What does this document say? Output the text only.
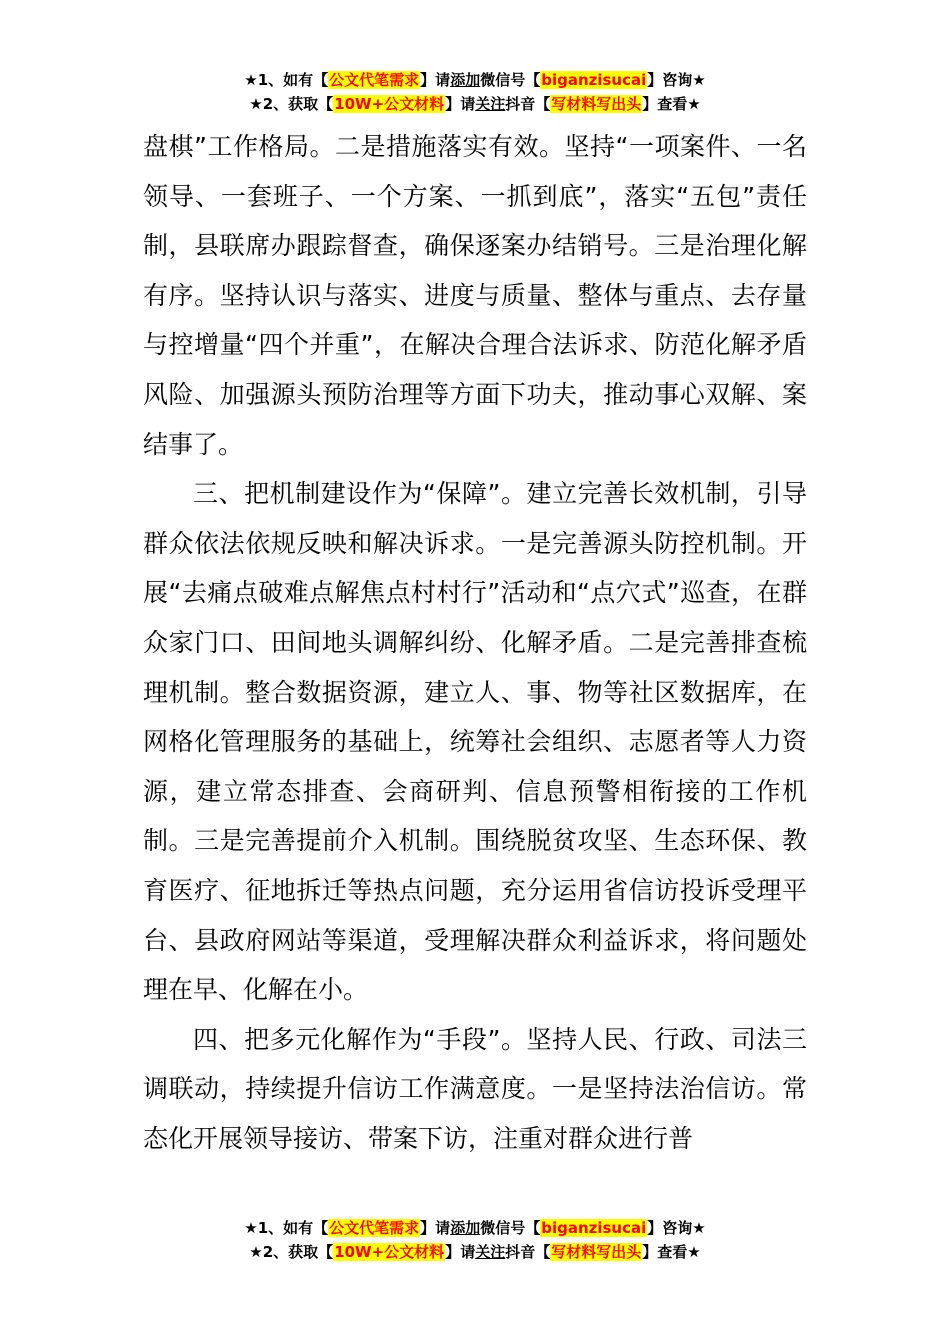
★1、如有【公文代笔需求】请添加微信号【biganzisucai】咨询★
★2、获取【10W+公文材料】请关注抖音【写材料写出头】查看★

盘棋”工作格局。二是措施落实有效。坚持“一项案件、一名领导、一套班子、一个方案、一抓到底”，落实“五包”责任制，县联席办跟踪督查，确保逐案办结销号。三是治理化解有序。坚持认识与落实、进度与质量、整体与重点、去存量与控增量“四个并重”，在解决合理合法诉求、防范化解矛盾风险、加强源头预防治理等方面下功夫，推动事心双解、案结事了。

三、把机制建设作为“保障”。建立完善长效机制，引导群众依法依规反映和解决诉求。一是完善源头防控机制。开展“去痛点破难点解焦点村村行”活动和“点穴式”巡查，在群众家门口、田间地头调解纠纷、化解矛盾。二是完善排查梳理机制。整合数据资源，建立人、事、物等社区数据库，在网格化管理服务的基础上，统筹社会组织、志愿者等人力资源，建立常态排查、会商研判、信息预警相衔接的工作机制。三是完善提前介入机制。围绕脱贫攻坚、生态环保、教育医疗、征地拆迁等热点问题，充分运用省信访投诉受理平台、县政府网站等渠道，受理解决群众利益诉求，将问题处理在早、化解在小。

四、把多元化解作为“手段”。坚持人民、行政、司法三调联动，持续提升信访工作满意度。一是坚持法治信访。常态化开展领导接访、带案下访，注重对群众进行普

★1、如有【公文代笔需求】请添加微信号【biganzisucai】咨询★
★2、获取【10W+公文材料】请关注抖音【写材料写出头】查看★
